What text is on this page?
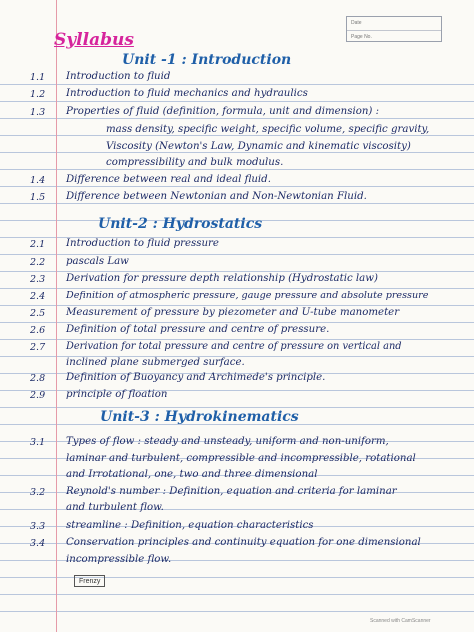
Date
Page No.
Syllabus
Unit -1 : Introduction
Unit-2 : Hydrostatics
Unit-3 : Hydrokinematics
1.1 Introduction to fluid
1.2 Introduction to fluid mechanics and hydraulics
1.3 Properties of fluid (definition, formula, unit and dimension) :
mass density, specific weight, specific volume, specific gravity,
Viscosity (Newton's Law, Dynamic and kinematic viscosity)
compressibility and bulk modulus.
1.4 Difference between real and ideal fluid.
1.5 Difference between Newtonian and Non-Newtonian Fluid.
2.1 Introduction to fluid pressure
2.2 pascals Law
2.3 Derivation for pressure depth relationship (Hydrostatic law)
2.4 Definition of atmospheric pressure, gauge pressure and absolute pressure
2.5 Measurement of pressure by piezometer and U-tube manometer
2.6 Definition of total pressure and centre of pressure.
2.7 Derivation for total pressure and centre of pressure on vertical and
inclined plane submerged surface.
2.8 Definition of Buoyancy and Archimede's principle.
2.9 principle of floation
3.1 Types of flow : steady and unsteady, uniform and non-uniform,
laminar and turbulent, compressible and incompressible, rotational
and Irrotational, one, two and three dimensional
3.2 Reynold's number : Definition, equation and criteria for laminar
and turbulent flow.
3.3 streamline : Definition, equation characteristics
3.4 Conservation principles and continuity equation for one dimensional
incompressible flow.
Frenzy
Scanned with CamScanner
